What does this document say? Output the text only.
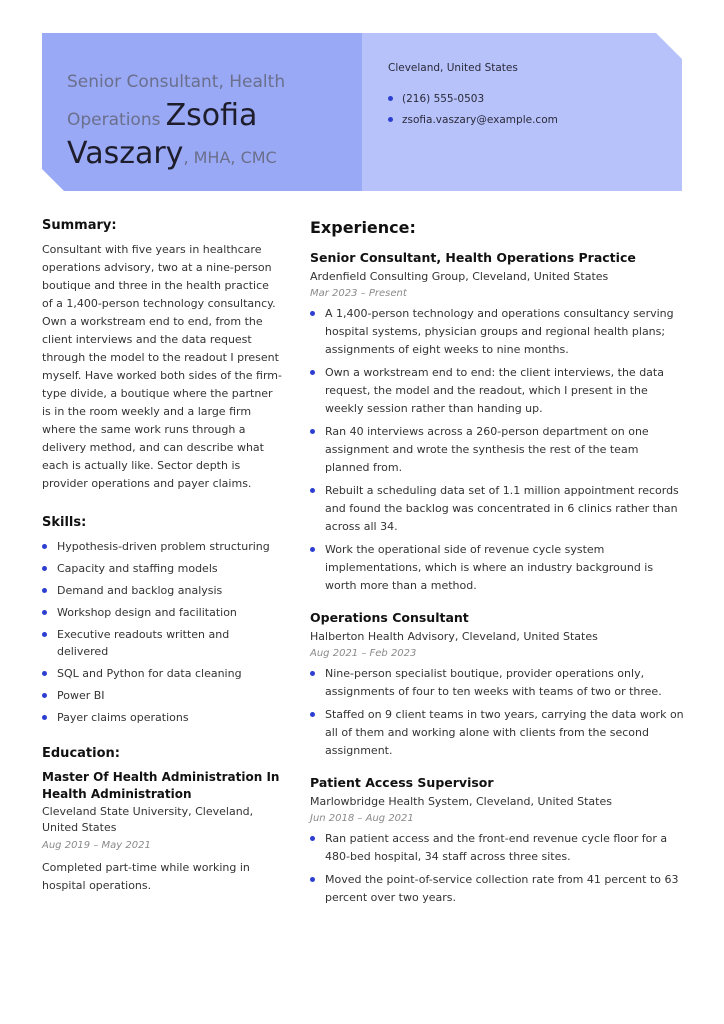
Senior Consultant, Health Operations Zsofia Vaszary, MHA, CMC
Cleveland, United States
(216) 555-0503
zsofia.vaszary@example.com
Summary:

Consultant with five years in healthcare operations advisory, two at a nine-person boutique and three in the health practice of a 1,400-person technology consultancy. Own a workstream end to end, from the client interviews and the data request through the model to the readout I present myself. Have worked both sides of the firm-type divide, a boutique where the partner is in the room weekly and a large firm where the same work runs through a delivery method, and can describe what each is actually like. Sector depth is provider operations and payer claims.

Skills:
Hypothesis-driven problem structuring
Capacity and staffing models
Demand and backlog analysis
Workshop design and facilitation
Executive readouts written and delivered
SQL and Python for data cleaning
Power BI
Payer claims operations
Education:
Master Of Health Administration In Health Administration
Cleveland State University, Cleveland, United States
Aug 2019 – May 2021

Completed part-time while working in hospital operations.

Experience:
Senior Consultant, Health Operations Practice
Ardenfield Consulting Group, Cleveland, United States
Mar 2023 – Present
A 1,400-person technology and operations consultancy serving hospital systems, physician groups and regional health plans; assignments of eight weeks to nine months.
Own a workstream end to end: the client interviews, the data request, the model and the readout, which I present in the weekly session rather than handing up.
Ran 40 interviews across a 260-person department on one assignment and wrote the synthesis the rest of the team planned from.
Rebuilt a scheduling data set of 1.1 million appointment records and found the backlog was concentrated in 6 clinics rather than across all 34.
Work the operational side of revenue cycle system implementations, which is where an industry background is worth more than a method.
Operations Consultant
Halberton Health Advisory, Cleveland, United States
Aug 2021 – Feb 2023
Nine-person specialist boutique, provider operations only, assignments of four to ten weeks with teams of two or three.
Staffed on 9 client teams in two years, carrying the data work on all of them and working alone with clients from the second assignment.
Patient Access Supervisor
Marlowbridge Health System, Cleveland, United States
Jun 2018 – Aug 2021
Ran patient access and the front-end revenue cycle floor for a 480-bed hospital, 34 staff across three sites.
Moved the point-of-service collection rate from 41 percent to 63 percent over two years.
